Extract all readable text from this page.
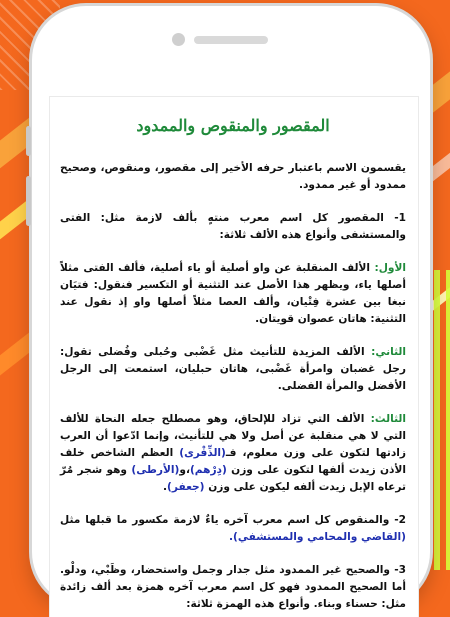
المقصور والمنقوص والممدود
يقسمون الاسم باعتبار حرفه الأخير إلى مقصور، ومنقوص، وصحيح ممدود أو غير ممدود.
1- المقصور كل اسم معرب منتهٍ بألف لازمة مثل: الفتى والمستشفى وأنواع هذه الألف ثلاثة:
الأول: الألف المنقلبة عن واو أصلية أو ياء أصلية، فألف الفتى مثلاً أصلها ياء، ويظهر هذا الأصل عند التثنية أو التكسير فنقول: فتيَان نبغا بين عشرة فِتْيان، وألف العصا مثلاً أصلها واو إذ نقول عند التثنية: هاتان عصوان قويتان.
الثاني: الألف المزيدة للتأنيث مثل غَضْبى وحُبلى وفُضلى تقول: رجل غضبان وامرأة غَضْبى، هاتان حبليان، استمعت إلى الرجل الأفضل والمرأة الفضلى.
الثالث: الألف التي تزاد للإلحاق، وهو مصطلح جعله النحاة للألف التي لا هي منقلبة عن أصل ولا هي للتأنيث، وإنما ادّعوا أن العرب زادتها لتكون على وزن معلوم، فـ(الذِّفْرى) العظم الشاخص خلف الأذن زيدت ألفها لتكون على وزن (دِرْهم)،و(الأرطى) وهو شجر مُرّ ترعاه الإبل زيدت ألفه ليكون على وزن (جعفر).
2- والمنقوص كل اسم معرب آخره ياءٌ لازمة مكسور ما قبلها مثل (القاضي والمحامي والمستشفي).
3- والصحيح غير الممدود مثل جدار وجمل واستحضار، وظَبْي، ودلْو. أما الصحيح الممدود فهو كل اسم معرب آخره همزة بعد ألف زائدة مثل: حسناء وبناء. وأنواع هذه الهمزة ثلاثة:
